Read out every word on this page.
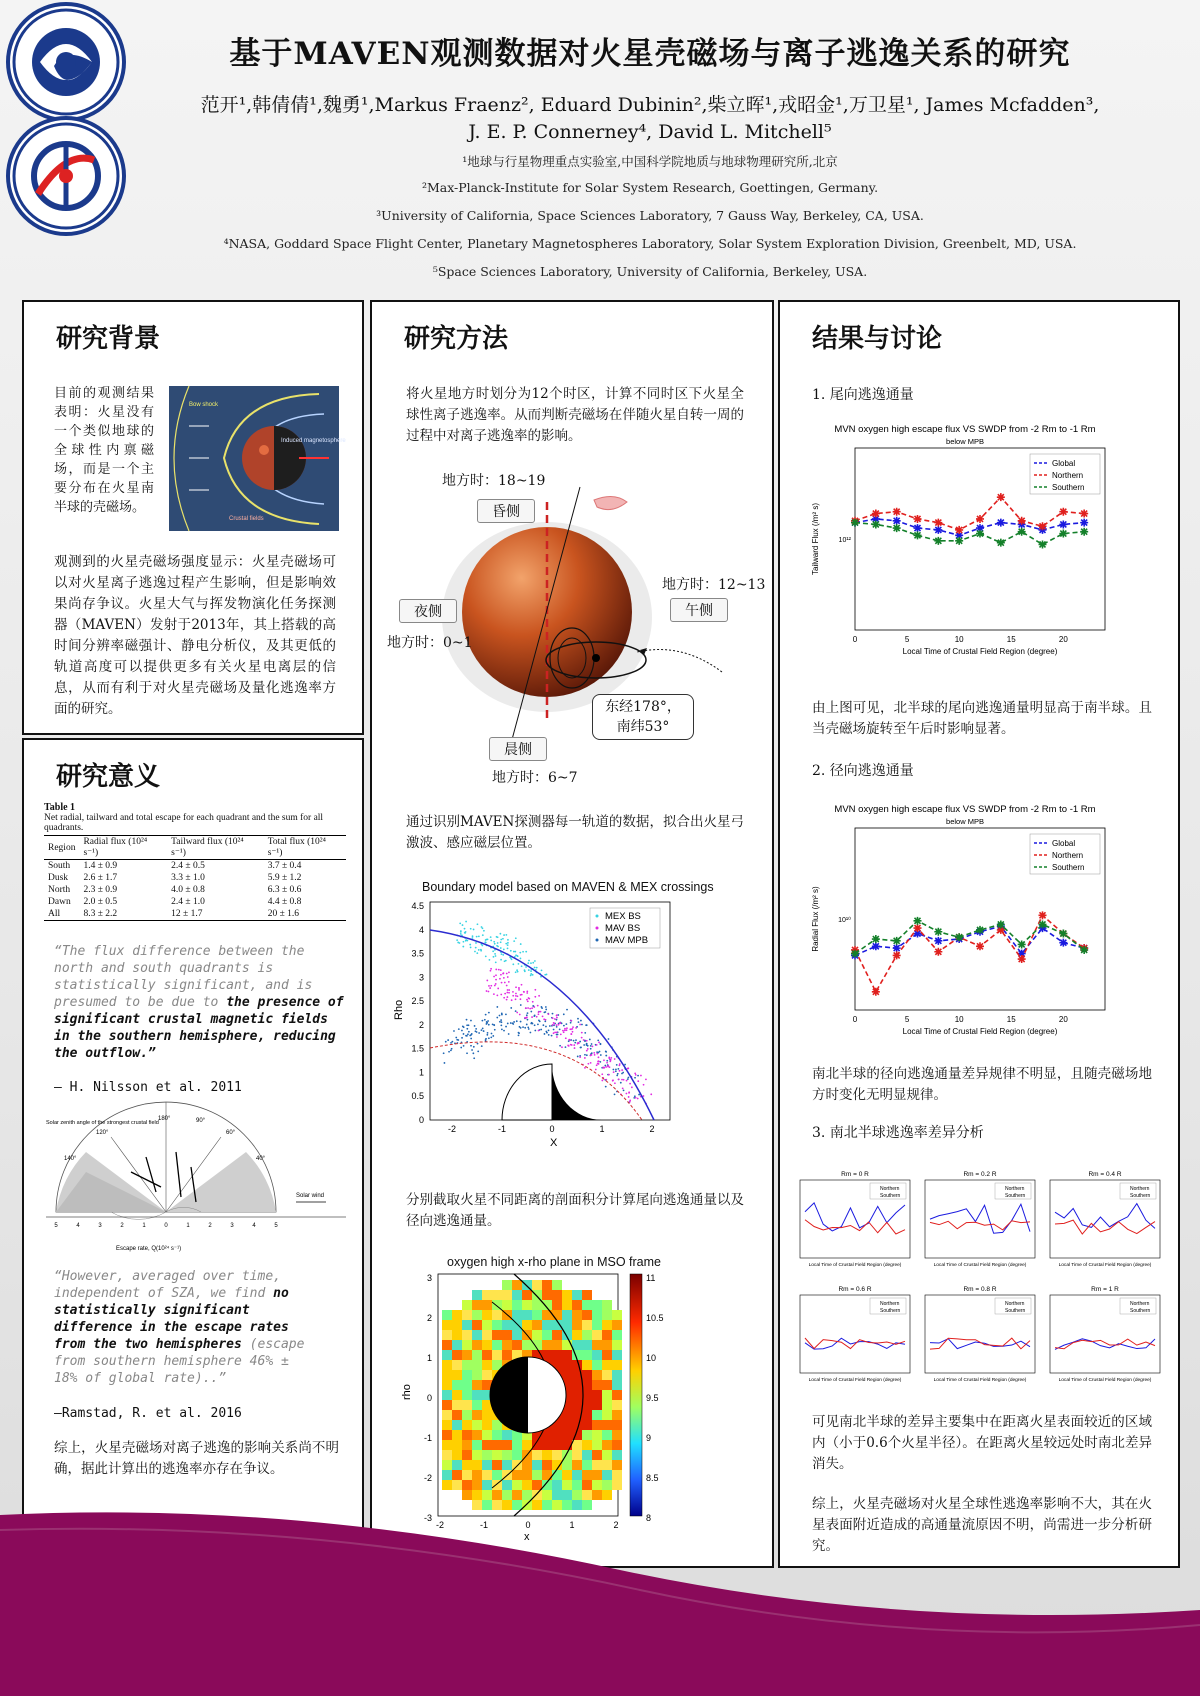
基于MAVEN观测数据对火星壳磁场与离子逃逸关系的研究
范开¹,韩倩倩¹,魏勇¹,Markus Fraenz², Eduard Dubinin²,柴立晖¹,戎昭金¹,万卫星¹, James Mcfadden³,
J. E. P. Connerney⁴, David L. Mitchell⁵
¹地球与行星物理重点实验室,中国科学院地质与地球物理研究所,北京
²Max-Planck-Institute for Solar System Research, Goettingen, Germany.
³University of California, Space Sciences Laboratory, 7 Gauss Way, Berkeley, CA, USA.
⁴NASA, Goddard Space Flight Center, Planetary Magnetospheres Laboratory, Solar System Exploration Division, Greenbelt, MD, USA.
⁵Space Sciences Laboratory, University of California, Berkeley, USA.
研究背景
目前的观测结果表明：火星没有一个类似地球的全球性内禀磁场，而是一个主要分布在火星南半球的壳磁场。
Induced magnetosphere
Bow shock
Crustal fields
观测到的火星壳磁场强度显示：火星壳磁场可以对火星离子逃逸过程产生影响，但是影响效果尚存争议。火星大气与挥发物演化任务探测器（MAVEN）发射于2013年，其上搭载的高时间分辨率磁强计、静电分析仪，及其更低的轨道高度可以提供更多有关火星电离层的信息，从而有利于对火星壳磁场及量化逃逸率方面的研究。
研究意义
Table 1
Net radial, tailward and total escape for each quadrant and the sum for all quadrants.
Region	Radial flux (10²⁴ s⁻¹)	Tailward flux (10²⁴ s⁻¹)	Total flux (10²⁴ s⁻¹)
South	1.4 ± 0.9	2.4 ± 0.5	3.7 ± 0.4
Dusk	2.6 ± 1.7	3.3 ± 1.0	5.9 ± 1.2
North	2.3 ± 0.9	4.0 ± 0.8	6.3 ± 0.6
Dawn	2.0 ± 0.5	2.4 ± 1.0	4.4 ± 0.8
All	8.3 ± 2.2	12 ± 1.7	20 ± 1.6
“The flux difference between the north and south quadrants is statistically significant, and is presumed to be due to the presence of significant crustal magnetic fields in the southern hemisphere, reducing the outflow.”
— H. Nilsson et al. 2011
Solar zenith angle of the strongest crustal field
180°
120°
90°
60°
140°	40°
Solar wind
Escape rate, Q(10²⁴ s⁻¹)
5	4	3	2	1	0	1	2	3	4	5
“However, averaged over time, independent of SZA, we find no statistically significant difference in the escape rates from the two hemispheres (escape from southern hemisphere 46% ± 18% of global rate)..”
—Ramstad, R. et al. 2016
综上，火星壳磁场对离子逃逸的影响关系尚不明确，据此计算出的逃逸率亦存在争议。
研究方法
将火星地方时划分为12个时区，计算不同时区下火星全球性离子逃逸率。从而判断壳磁场在伴随火星自转一周的过程中对离子逃逸率的影响。
地方时：18~19
昏侧
夜侧
地方时：0~1
地方时：12~13
午侧
东经178°，
南纬53°
晨侧
地方时：6~7
通过识别MAVEN探测器每一轨道的数据，拟合出火星弓激波、感应磁层位置。
Boundary model based on MAVEN & MEX crossings
4.5
4
3.5
3
2.5
2
1.5
1
0.5
0
-2	-1	0	1	2
MEX BS
MAV BS
MAV MPB
Rho
X
分别截取火星不同距离的剖面积分计算尾向逃逸通量以及径向逃逸通量。
oxygen high x-rho plane in MSO frame
3
2
1
0
-1
-2
-3
-2	-1	0	1	2
11
10.5
10
9.5
9
8.5
8
rho
x
结果与讨论
1. 尾向逃逸通量
MVN oxygen high escape flux VS SWDP from -2 Rm to -1 Rm
below MPB
0	5	10	15	20
10¹²
Tailward Flux (/m² s)
Local Time of Crustal Field Region (degree)
Global
Northern
Southern
由上图可见，北半球的尾向逃逸通量明显高于南半球。且当壳磁场旋转至午后时影响显著。
2. 径向逃逸通量
MVN oxygen high escape flux VS SWDP from -2 Rm to -1 Rm
below MPB
0	5	10	15	20
10¹⁰
Radial Flux (/m² s)
Local Time of Crustal Field Region (degree)
Global
Northern
Southern
南北半球的径向逃逸通量差异规律不明显，且随壳磁场地方时变化无明显规律。
3. 南北半球逃逸率差异分析
Rm = 0 R
Northern
Southern
Local Time of Crustal Field Region (degree)
Rm = 0.2 R
Northern
Southern
Local Time of Crustal Field Region (degree)
Rm = 0.4 R
Northern
Southern
Local Time of Crustal Field Region (degree)
Rm = 0.6 R
Northern
Southern
Local Time of Crustal Field Region (degree)
Rm = 0.8 R
Northern
Southern
Local Time of Crustal Field Region (degree)
Rm = 1 R
Northern
Southern
Local Time of Crustal Field Region (degree)
可见南北半球的差异主要集中在距离火星表面较近的区域内（小于0.6个火星半径）。在距离火星较远处时南北差异消失。
综上，火星壳磁场对火星全球性逃逸率影响不大，其在火星表面附近造成的高通量流原因不明，尚需进一步分析研究。
